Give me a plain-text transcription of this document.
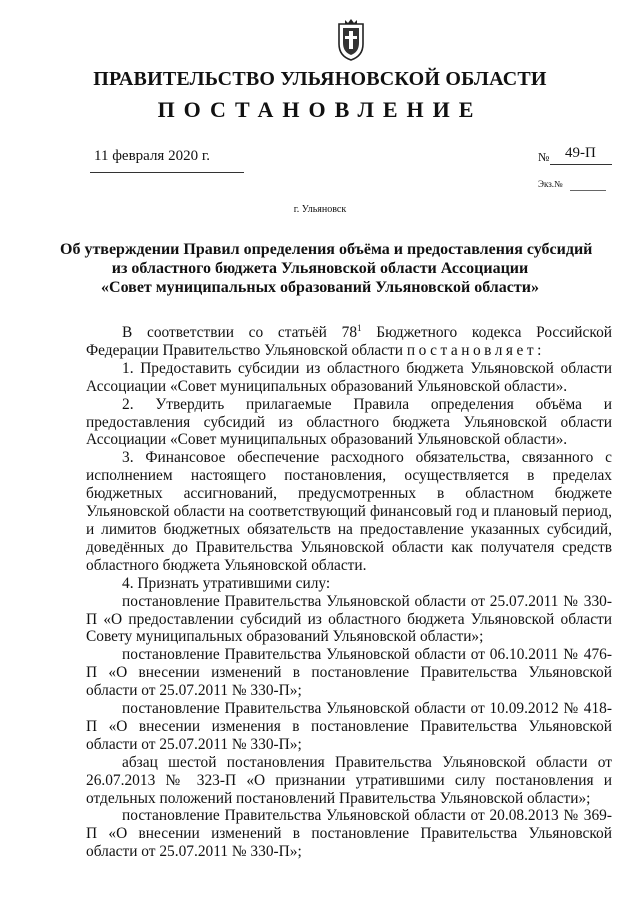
ПРАВИТЕЛЬСТВО УЛЬЯНОВСКОЙ ОБЛАСТИ
ПОСТАНОВЛЕНИЕ
11 февраля 2020 г.	№ 49-П
Экз.№
г. Ульяновск
Об утверждении Правил определения объёма и предоставления субсидий
из областного бюджета Ульяновской области Ассоциации
«Совет муниципальных образований Ульяновской области»

В соответствии со статьёй $78^1$ Бюджетного кодекса Российской Федерации Правительство Ульяновской области постановляет:

1. Предоставить субсидии из областного бюджета Ульяновской области Ассоциации «Совет муниципальных образований Ульяновской области».

2. Утвердить прилагаемые Правила определения объёма и предоставления субсидий из областного бюджета Ульяновской области Ассоциации «Совет муниципальных образований Ульяновской области».

3. Финансовое обеспечение расходного обязательства, связанного с исполнением настоящего постановления, осуществляется в пределах бюджетных ассигнований, предусмотренных в областном бюджете Ульяновской области на соответствующий финансовый год и плановый период, и лимитов бюджетных обязательств на предоставление указанных субсидий, доведённых до Правительства Ульяновской области как получателя средств областного бюджета Ульяновской области.

4. Признать утратившими силу:

постановление Правительства Ульяновской области от 25.07.2011 № 330-П «О предоставлении субсидий из областного бюджета Ульяновской области Совету муниципальных образований Ульяновской области»;

постановление Правительства Ульяновской области от 06.10.2011 № 476-П «О внесении изменений в постановление Правительства Ульяновской области от 25.07.2011 № 330-П»;

постановление Правительства Ульяновской области от 10.09.2012 № 418-П «О внесении изменения в постановление Правительства Ульяновской области от 25.07.2011 № 330-П»;

абзац шестой постановления Правительства Ульяновской области от 26.07.2013 № 323-П «О признании утратившими силу постановления и отдельных положений постановлений Правительства Ульяновской области»;

постановление Правительства Ульяновской области от 20.08.2013 № 369-П «О внесении изменений в постановление Правительства Ульяновской области от 25.07.2011 № 330-П»;
